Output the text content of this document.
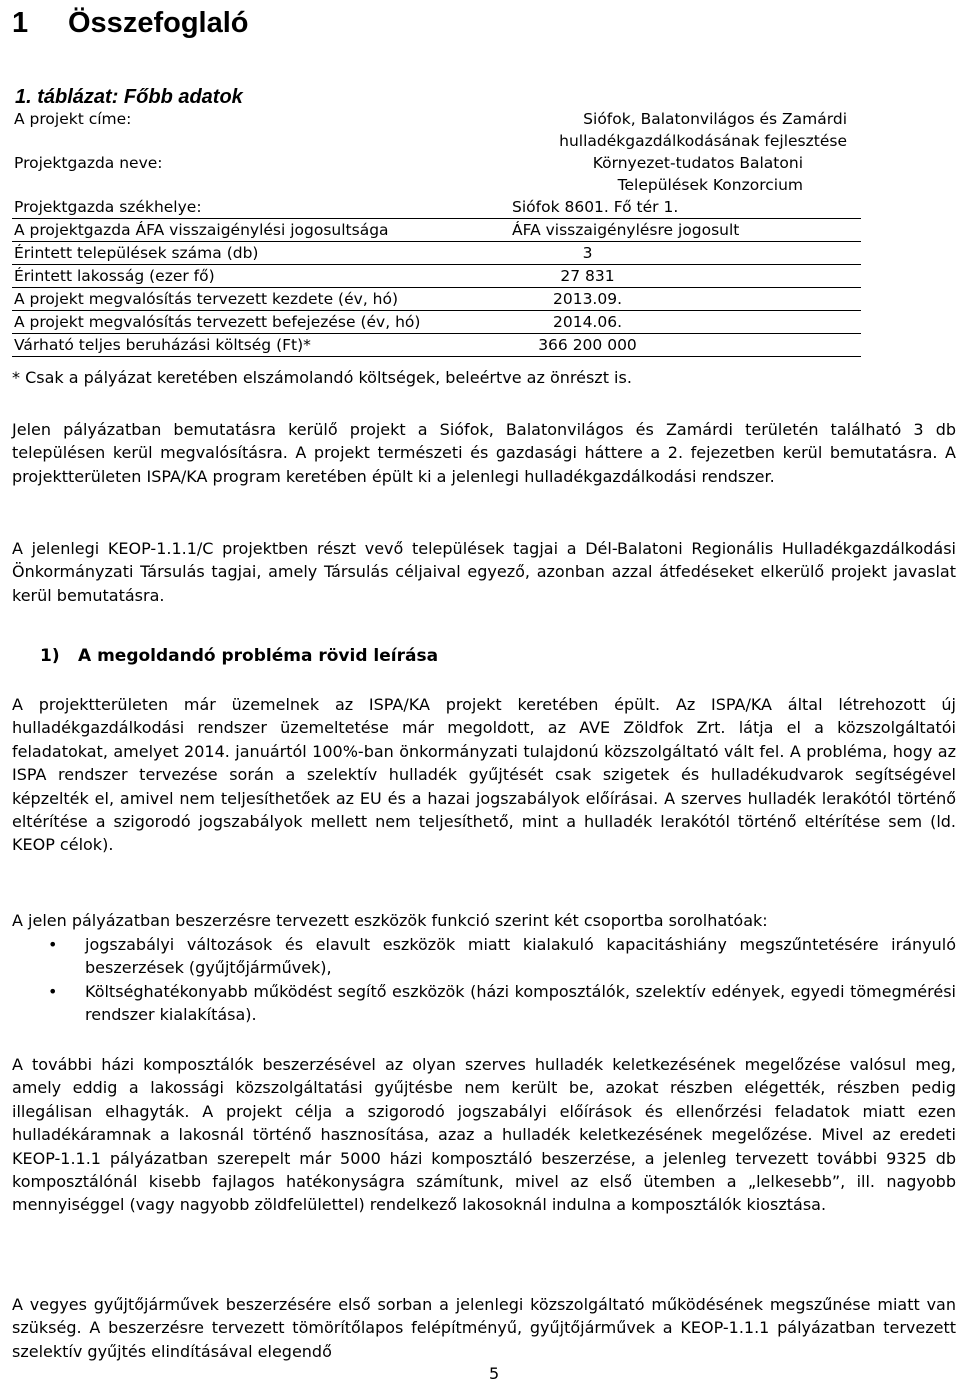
1 Összefoglaló
1. táblázat: Főbb adatok
A projekt címe:	Siófok, Balatonvilágos és Zamárdi hulladékgazdálkodásának fejlesztése
Projektgazda neve:	Környezet-tudatos Balatoni Települések Konzorcium
Projektgazda székhelye:	Siófok 8601. Fő tér 1.
A projektgazda ÁFA visszaigénylési jogosultsága	ÁFA visszaigénylésre jogosult
Érintett települések száma (db)	3
Érintett lakosság (ezer fő)	27 831
A projekt megvalósítás tervezett kezdete (év, hó)	2013.09.
A projekt megvalósítás tervezett befejezése (év, hó)	2014.06.
Várható teljes beruházási költség (Ft)*	366 200 000
* Csak a pályázat keretében elszámolandó költségek, beleértve az önrészt is.
Jelen pályázatban bemutatásra kerülő projekt a Siófok, Balatonvilágos és Zamárdi területén található 3 db településen kerül megvalósításra. A projekt természeti és gazdasági háttere a 2. fejezetben kerül bemutatásra. A projektterületen ISPA/KA program keretében épült ki a jelenlegi hulladékgazdálkodási rendszer.
A jelenlegi KEOP-1.1.1/C projektben részt vevő települések tagjai a Dél-Balatoni Regionális Hulladékgazdálkodási Önkormányzati Társulás tagjai, amely Társulás céljaival egyező, azonban azzal átfedéseket elkerülő projekt javaslat kerül bemutatásra.
1) A megoldandó probléma rövid leírása
A projektterületen már üzemelnek az ISPA/KA projekt keretében épült. Az ISPA/KA által létrehozott új hulladékgazdálkodási rendszer üzemeltetése már megoldott, az AVE Zöldfok Zrt. látja el a közszolgáltatói feladatokat, amelyet 2014. januártól 100%-ban önkormányzati tulajdonú közszolgáltató vált fel. A probléma, hogy az ISPA rendszer tervezése során a szelektív hulladék gyűjtését csak szigetek és hulladékudvarok segítségével képzelték el, amivel nem teljesíthetőek az EU és a hazai jogszabályok előírásai. A szerves hulladék lerakótól történő eltérítése a szigorodó jogszabályok mellett nem teljesíthető, mint a hulladék lerakótól történő eltérítése sem (ld. KEOP célok).
A jelen pályázatban beszerzésre tervezett eszközök funkció szerint két csoportba sorolhatóak:
• jogszabályi változások és elavult eszközök miatt kialakuló kapacitáshiány megszűntetésére irányuló beszerzések (gyűjtőjárművek),
• Költséghatékonyabb működést segítő eszközök (házi komposztálók, szelektív edények, egyedi tömegmérési rendszer kialakítása).
A további házi komposztálók beszerzésével az olyan szerves hulladék keletkezésének megelőzése valósul meg, amely eddig a lakossági közszolgáltatási gyűjtésbe nem került be, azokat részben elégették, részben pedig illegálisan elhagyták. A projekt célja a szigorodó jogszabályi előírások és ellenőrzési feladatok miatt ezen hulladékáramnak a lakosnál történő hasznosítása, azaz a hulladék keletkezésének megelőzése. Mivel az eredeti KEOP-1.1.1 pályázatban szerepelt már 5000 házi komposztáló beszerzése, a jelenleg tervezett további 9325 db komposztálónál kisebb fajlagos hatékonyságra számítunk, mivel az első ütemben a „lelkesebb”, ill. nagyobb mennyiséggel (vagy nagyobb zöldfelülettel) rendelkező lakosoknál indulna a komposztálók kiosztása.
A vegyes gyűjtőjárművek beszerzésére első sorban a jelenlegi közszolgáltató működésének megszűnése miatt van szükség. A beszerzésre tervezett tömörítőlapos felépítményű, gyűjtőjárművek a KEOP-1.1.1 pályázatban tervezett szelektív gyűjtés elindításával elegendő
5
